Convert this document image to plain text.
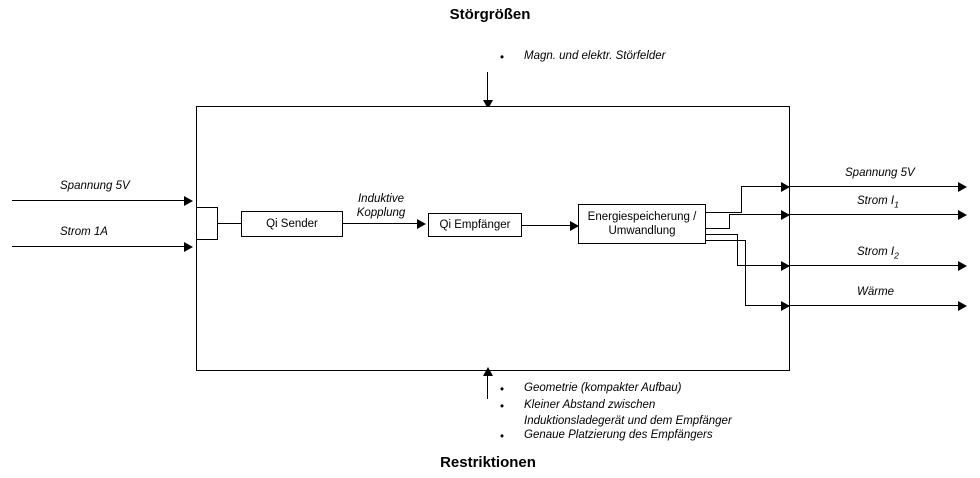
Störgrößen
• Magn. und elektr. Störfelder
Spannung 5V
Strom 1A
Qi Sender
Induktive
Kopplung
Qi Empfänger
Energiespeicherung / Umwandlung
Spannung 5V
Strom $I_1$
Strom $I_2$
Wärme
• Geometrie (kompakter Aufbau)
• Kleiner Abstand zwischen
Induktionsladegerät und dem Empfänger
• Genaue Platzierung des Empfängers
Restriktionen
